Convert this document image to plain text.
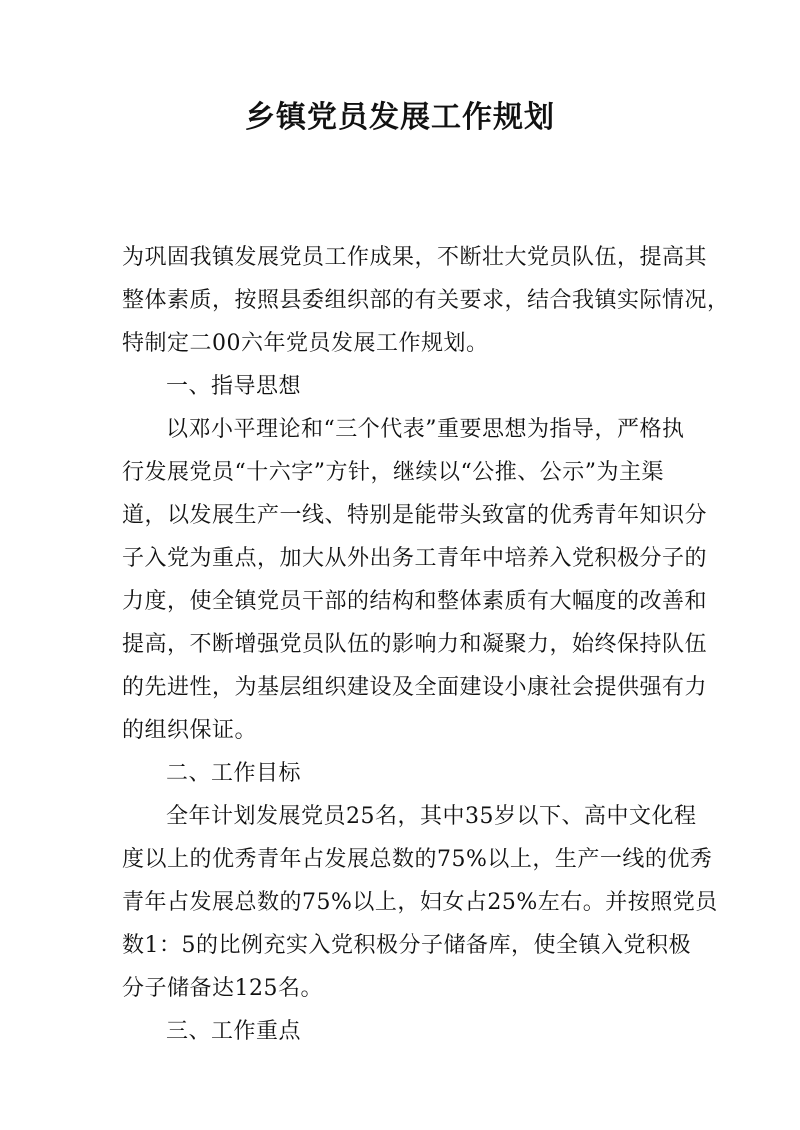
乡镇党员发展工作规划
为巩固我镇发展党员工作成果，不断壮大党员队伍，提高其
整体素质，按照县委组织部的有关要求，结合我镇实际情况，
特制定二00六年党员发展工作规划。
一、指导思想
以邓小平理论和“三个代表”重要思想为指导，严格执
行发展党员“十六字”方针，继续以“公推、公示”为主渠
道，以发展生产一线、特别是能带头致富的优秀青年知识分
子入党为重点，加大从外出务工青年中培养入党积极分子的
力度，使全镇党员干部的结构和整体素质有大幅度的改善和
提高，不断增强党员队伍的影响力和凝聚力，始终保持队伍
的先进性，为基层组织建设及全面建设小康社会提供强有力
的组织保证。
二、工作目标
全年计划发展党员25名，其中35岁以下、高中文化程
度以上的优秀青年占发展总数的75%以上，生产一线的优秀
青年占发展总数的75%以上，妇女占25%左右。并按照党员
数1：5的比例充实入党积极分子储备库，使全镇入党积极
分子储备达125名。
三、工作重点
